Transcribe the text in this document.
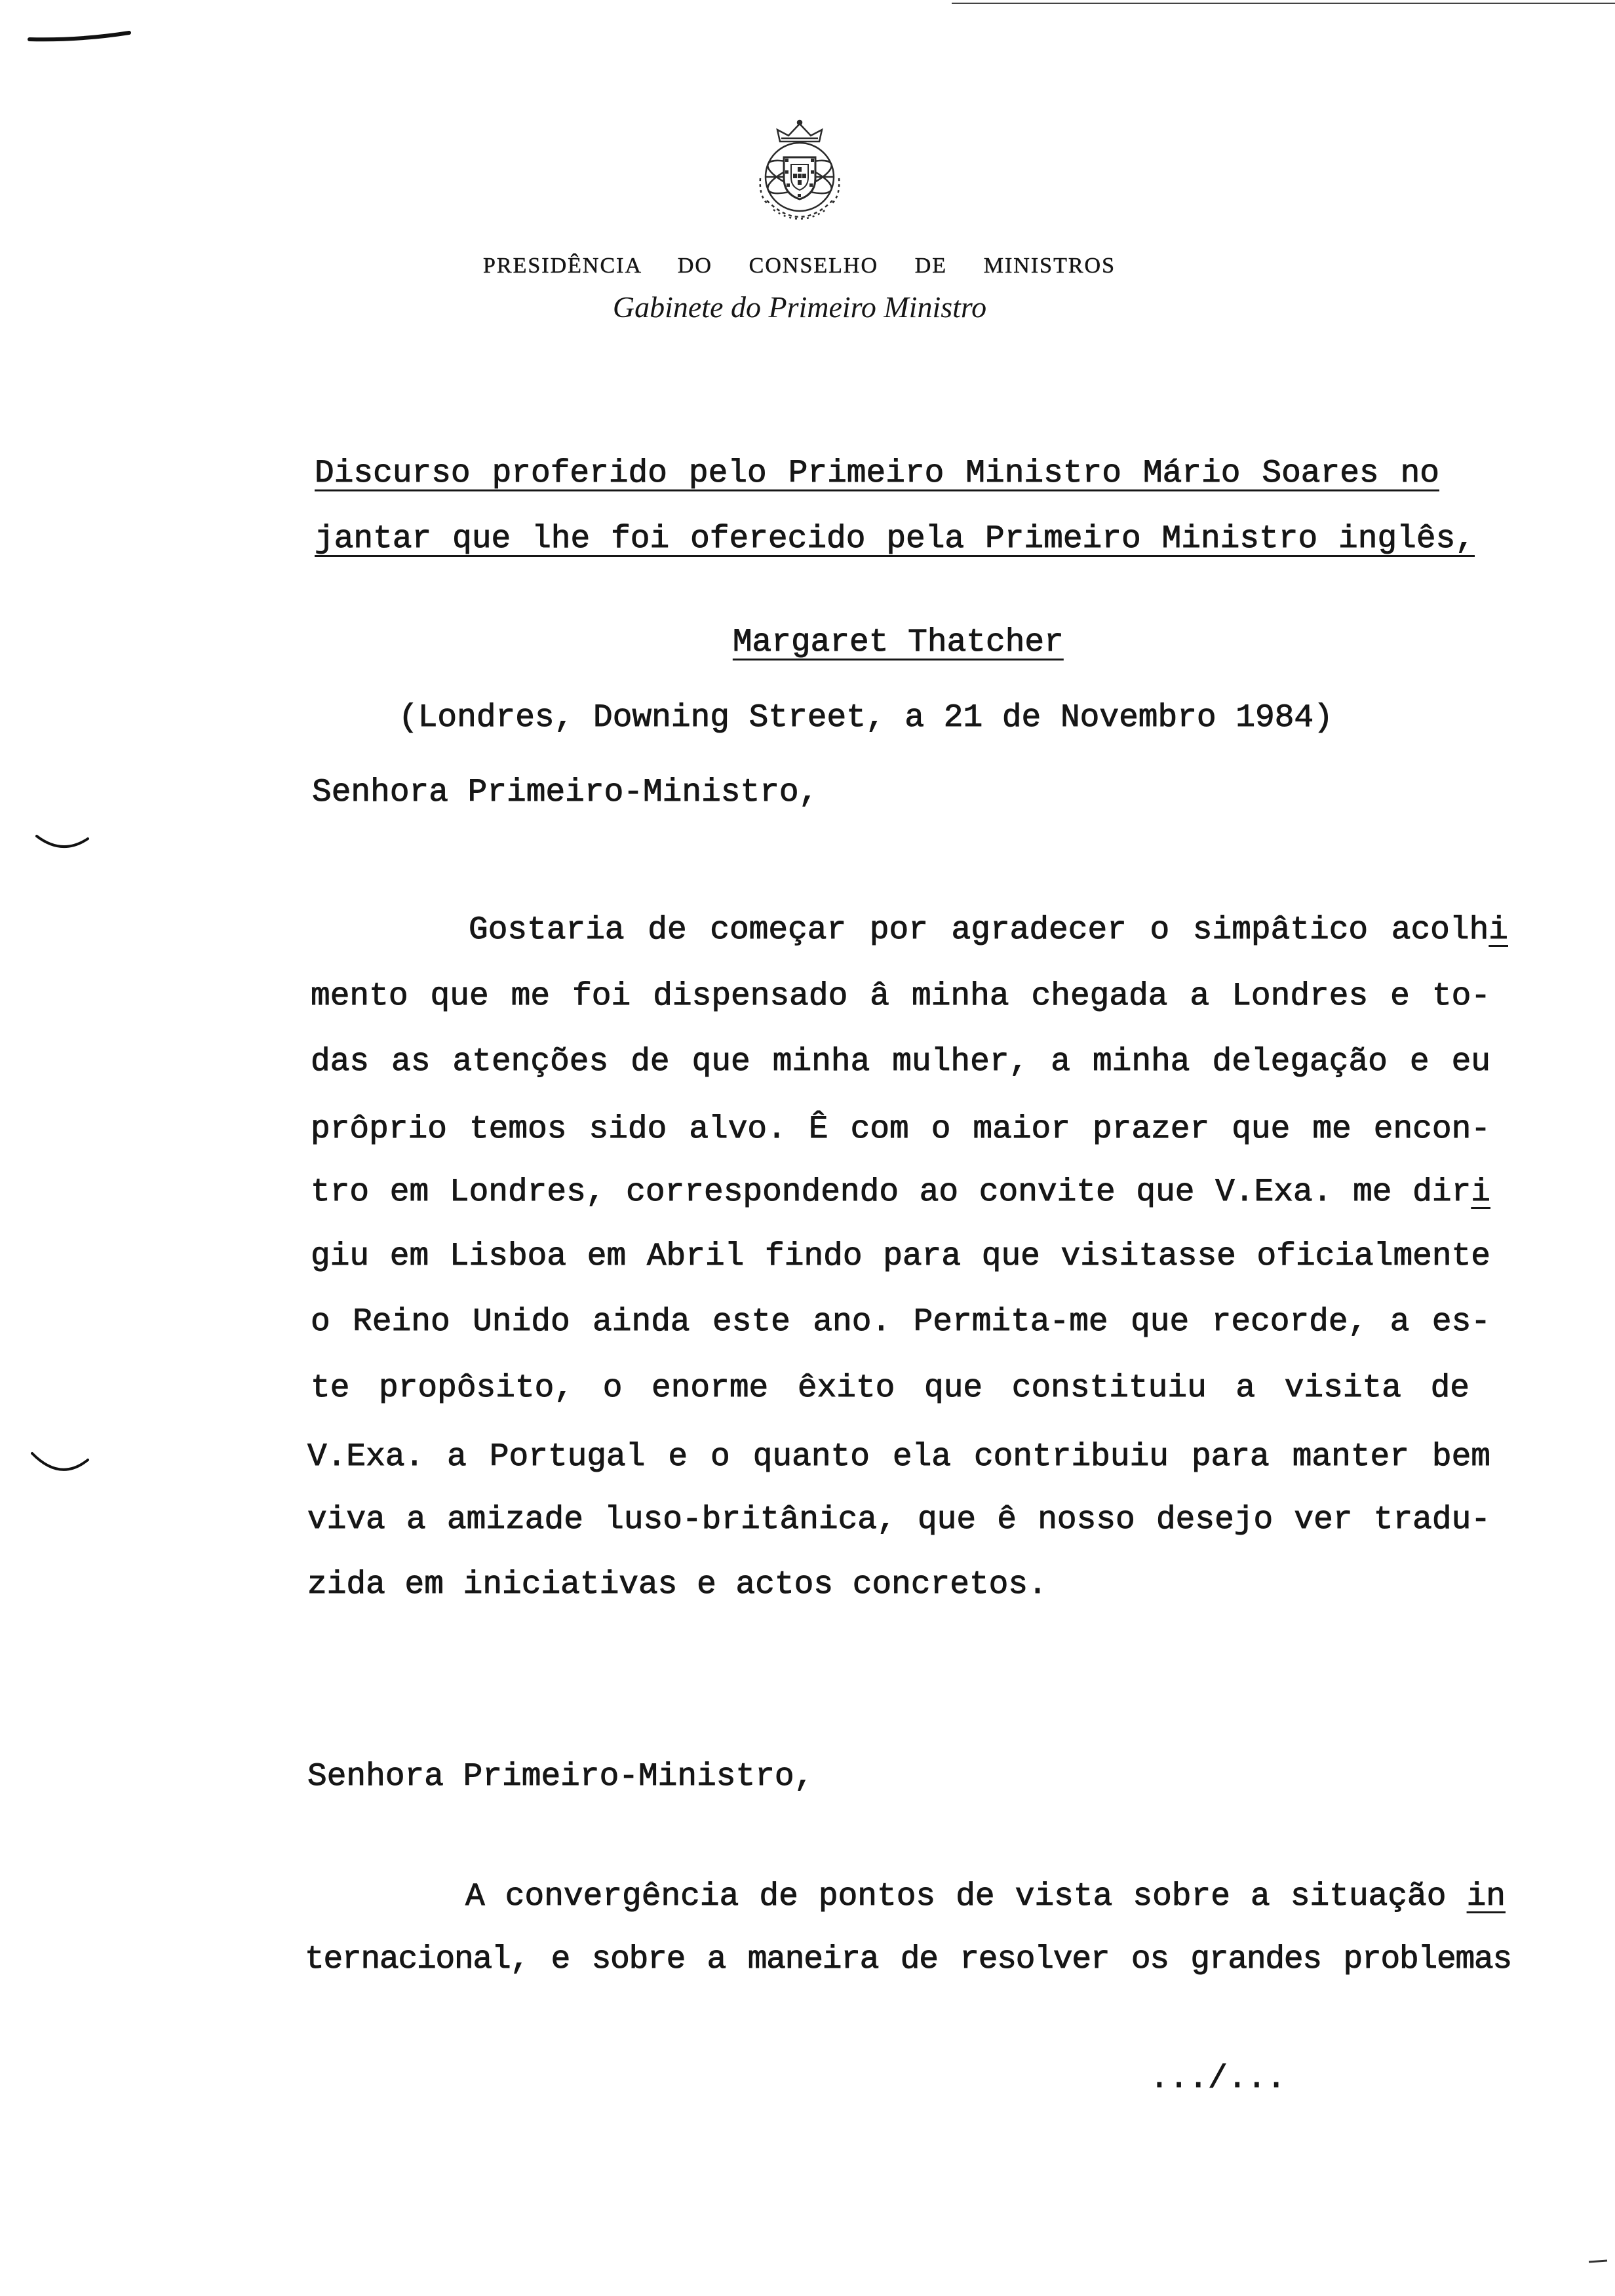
PRESIDÊNCIA DO CONSELHO DE MINISTROS
Gabinete do Primeiro Ministro
Discurso proferido pelo Primeiro Ministro Mário Soares no
jantar que lhe foi oferecido pela Primeiro Ministro inglês,

Margaret Thatcher

(Londres, Downing Street, a 21 de Novembro 1984)
Senhora Primeiro-Ministro,
Gostaria de começar por agradecer o simpâtico acolhi
mento que me foi dispensado â minha chegada a Londres e to-
das as atenções de que minha mulher, a minha delegação e eu
prôprio temos sido alvo. Ê com o maior prazer que me encon-
tro em Londres, correspondendo ao convite que V.Exa. me diri
giu em Lisboa em Abril findo para que visitasse oficialmente
o Reino Unido ainda este ano. Permita-me que recorde, a es-
te propôsito, o enorme êxito que constituiu a visita de
V.Exa. a Portugal e o quanto ela contribuiu para manter bem
viva a amizade luso-britânica, que ê nosso desejo ver tradu-
zida em iniciativas e actos concretos.
Senhora Primeiro-Ministro,
A convergência de pontos de vista sobre a situação in
ternacional, e sobre a maneira de resolver os grandes problemas
.../...
